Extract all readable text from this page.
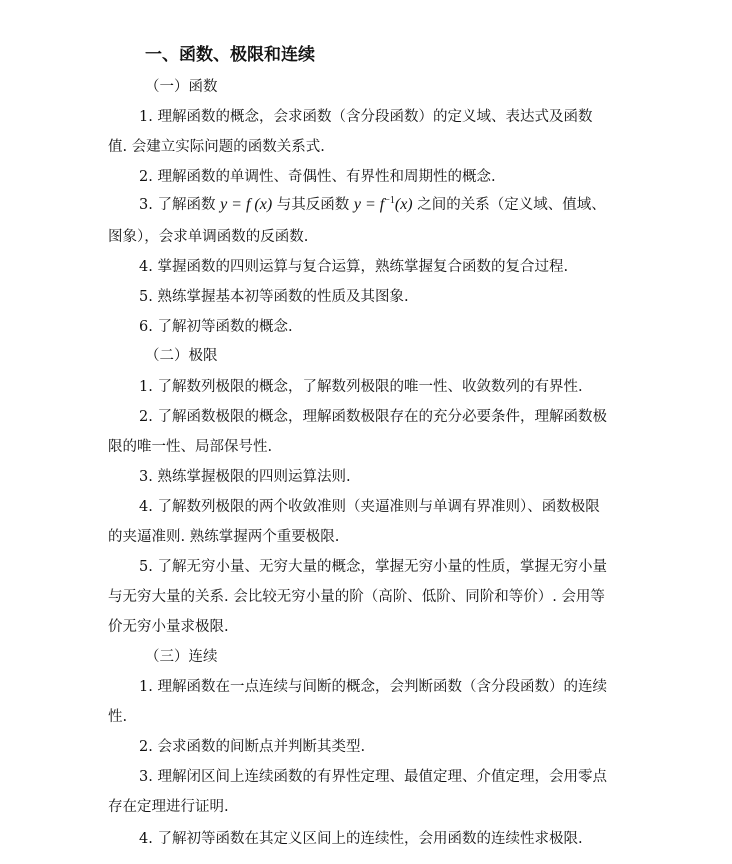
一、函数、极限和连续
（一）函数
1. 理解函数的概念，会求函数（含分段函数）的定义域、表达式及函数
值. 会建立实际问题的函数关系式.
2. 理解函数的单调性、奇偶性、有界性和周期性的概念.
3. 了解函数 y = f (x) 与其反函数 $y = f^{-1}(x)$ 之间的关系（定义域、值域、
图象），会求单调函数的反函数.
4. 掌握函数的四则运算与复合运算，熟练掌握复合函数的复合过程.
5. 熟练掌握基本初等函数的性质及其图象.
6. 了解初等函数的概念.
（二）极限
1. 了解数列极限的概念，了解数列极限的唯一性、收敛数列的有界性.
2. 了解函数极限的概念，理解函数极限存在的充分必要条件，理解函数极
限的唯一性、局部保号性.
3. 熟练掌握极限的四则运算法则.
4. 了解数列极限的两个收敛准则（夹逼准则与单调有界准则）、函数极限
的夹逼准则. 熟练掌握两个重要极限.
5. 了解无穷小量、无穷大量的概念，掌握无穷小量的性质，掌握无穷小量
与无穷大量的关系. 会比较无穷小量的阶（高阶、低阶、同阶和等价）. 会用等
价无穷小量求极限.
（三）连续
1. 理解函数在一点连续与间断的概念，会判断函数（含分段函数）的连续
性.
2. 会求函数的间断点并判断其类型.
3. 理解闭区间上连续函数的有界性定理、最值定理、介值定理，会用零点
存在定理进行证明.
4. 了解初等函数在其定义区间上的连续性，会用函数的连续性求极限.
